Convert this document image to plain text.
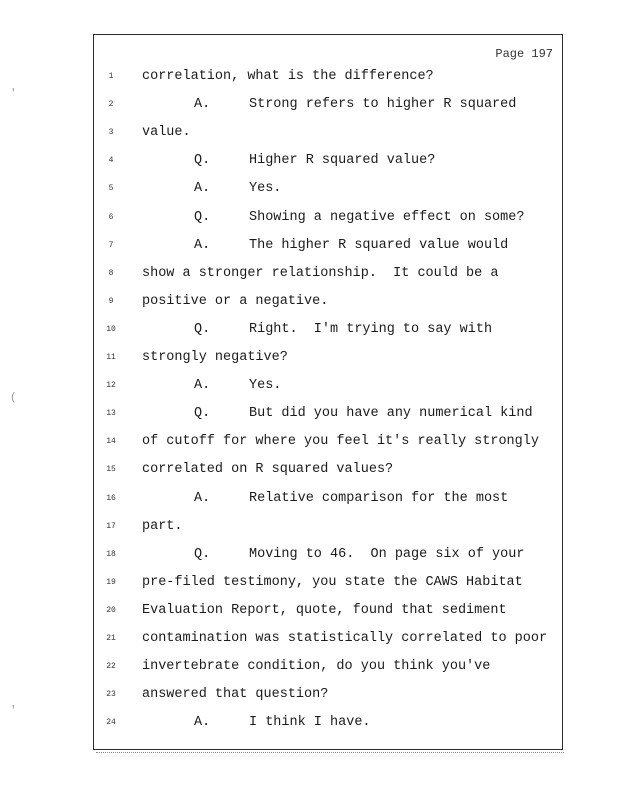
Page 197
1	correlation, what is the difference?
2	A.	Strong refers to higher R squared
3	value.
4	Q.	Higher R squared value?
5	A.	Yes.
6	Q.	Showing a negative effect on some?
7	A.	The higher R squared value would
8	show a stronger relationship.  It could be a
9	positive or a negative.
10	Q.	Right.  I'm trying to say with
11 strongly negative?
12	A.	Yes.
13	Q.	But did you have any numerical kind
14 of cutoff for where you feel it's really strongly
15 correlated on R squared values?
16	A.	Relative comparison for the most
17 part.
18	Q.	Moving to 46.  On page six of your
19 pre-filed testimony, you state the CAWS Habitat
20 Evaluation Report, quote, found that sediment
21 contamination was statistically correlated to poor
22 invertebrate condition, do you think you've
23 answered that question?
24	A.	I think I have.
'
(
'
